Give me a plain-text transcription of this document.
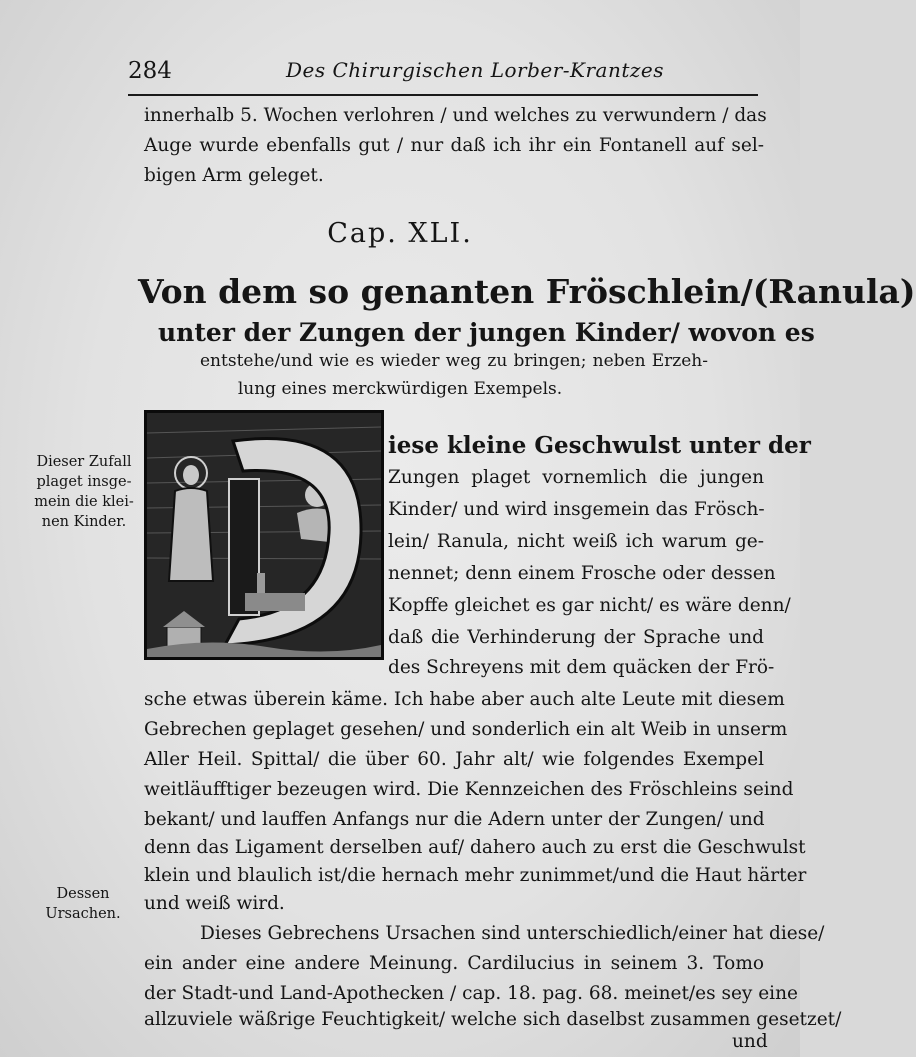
284	Des Chirurgischen Lorber-Krantzes
innerhalb 5. Wochen verlohren / und welches zu verwundern / das
Auge wurde ebenfalls gut / nur daß ich ihr ein Fontanell auf sel-
bigen Arm geleget.
Cap. XLI.
Von dem so genanten Fröschlein/(Ranula)
unter der Zungen der jungen Kinder/ wovon es
entstehe/und wie es wieder weg zu bringen; neben Erzeh-
lung eines merckwürdigen Exempels.
iese kleine Geschwulst unter der
Zungen plaget vornemlich die jungen
Kinder/ und wird insgemein das Frösch-
lein/ Ranula, nicht weiß ich warum ge-
nennet; denn einem Frosche oder dessen
Kopffe gleichet es gar nicht/ es wäre denn/
daß die Verhinderung der Sprache und
des Schreyens mit dem quäcken der Frö-
sche etwas überein käme. Ich habe aber auch alte Leute mit diesem
Gebrechen geplaget gesehen/ und sonderlich ein alt Weib in unserm
Aller Heil. Spittal/ die über 60. Jahr alt/ wie folgendes Exempel
weitläufftiger bezeugen wird. Die Kennzeichen des Fröschleins seind
bekant/ und lauffen Anfangs nur die Adern unter der Zungen/ und
denn das Ligament derselben auf/ dahero auch zu erst die Geschwulst
klein und blaulich ist/die hernach mehr zunimmet/und die Haut härter
und weiß wird.
Dieses Gebrechens Ursachen sind unterschiedlich/einer hat diese/
ein ander eine andere Meinung. Cardilucius in seinem 3. Tomo
der Stadt-und Land-Apothecken / cap. 18. pag. 68. meinet/es sey eine
allzuviele wäßrige Feuchtigkeit/ welche sich daselbst zusammen gesetzet/
und
Dieser Zufall
plaget insge-
mein die klei-
nen Kinder.
Dessen
Ursachen.
